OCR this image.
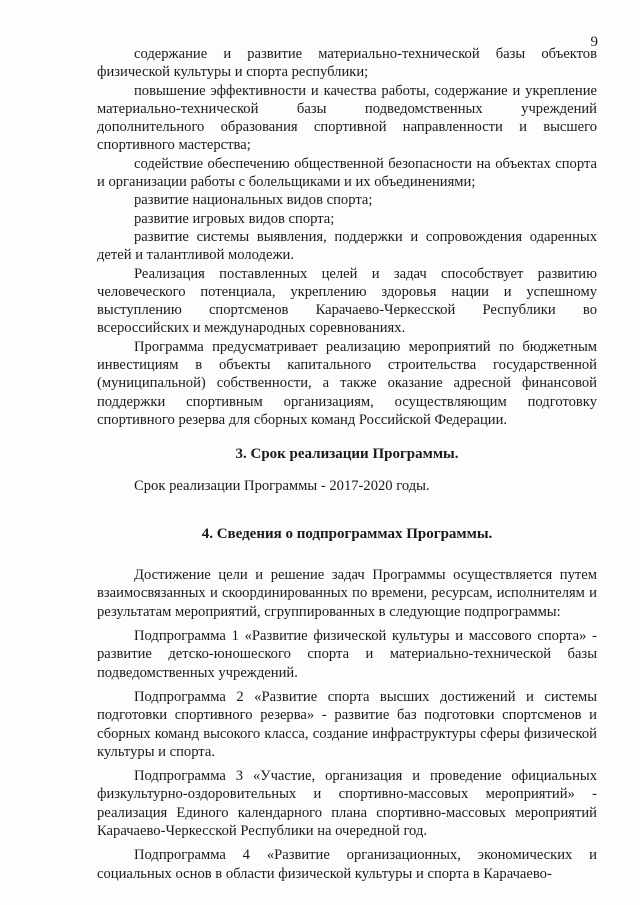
9

содержание и развитие материально-технической базы объектов физической культуры и спорта республики;

повышение эффективности и качества работы, содержание и укрепление материально-технической базы подведомственных учреждений дополнительного образования спортивной направленности и высшего спортивного мастерства;

содействие обеспечению общественной безопасности на объектах спорта и организации работы с болельщиками и их объединениями;

развитие национальных видов спорта;

развитие игровых видов спорта;

развитие системы выявления, поддержки и сопровождения одаренных детей и талантливой молодежи.

Реализация поставленных целей и задач способствует развитию человеческого потенциала, укреплению здоровья нации и успешному выступлению спортсменов Карачаево-Черкесской Республики во всероссийских и международных соревнованиях.

Программа предусматривает реализацию мероприятий по бюджетным инвестициям в объекты капитального строительства государственной (муниципальной) собственности, а также оказание адресной финансовой поддержки спортивным организациям, осуществляющим подготовку спортивного резерва для сборных команд Российской Федерации.

3. Срок реализации Программы.

Срок реализации Программы - 2017-2020 годы.

4. Сведения о подпрограммах Программы.

Достижение цели и решение задач Программы осуществляется путем взаимосвязанных и скоординированных по времени, ресурсам, исполнителям и результатам мероприятий, сгруппированных в следующие подпрограммы:

Подпрограмма 1 «Развитие физической культуры и массового спорта» - развитие детско-юношеского спорта и материально-технической базы подведомственных учреждений.

Подпрограмма 2 «Развитие спорта высших достижений и системы подготовки спортивного резерва» - развитие баз подготовки спортсменов и сборных команд высокого класса, создание инфраструктуры сферы физической культуры и спорта.

Подпрограмма 3 «Участие, организация и проведение официальных физкультурно-оздоровительных и спортивно-массовых мероприятий» - реализация Единого календарного плана спортивно-массовых мероприятий Карачаево-Черкесской Республики на очередной год.

Подпрограмма 4 «Развитие организационных, экономических и социальных основ в области физической культуры и спорта в Карачаево-
